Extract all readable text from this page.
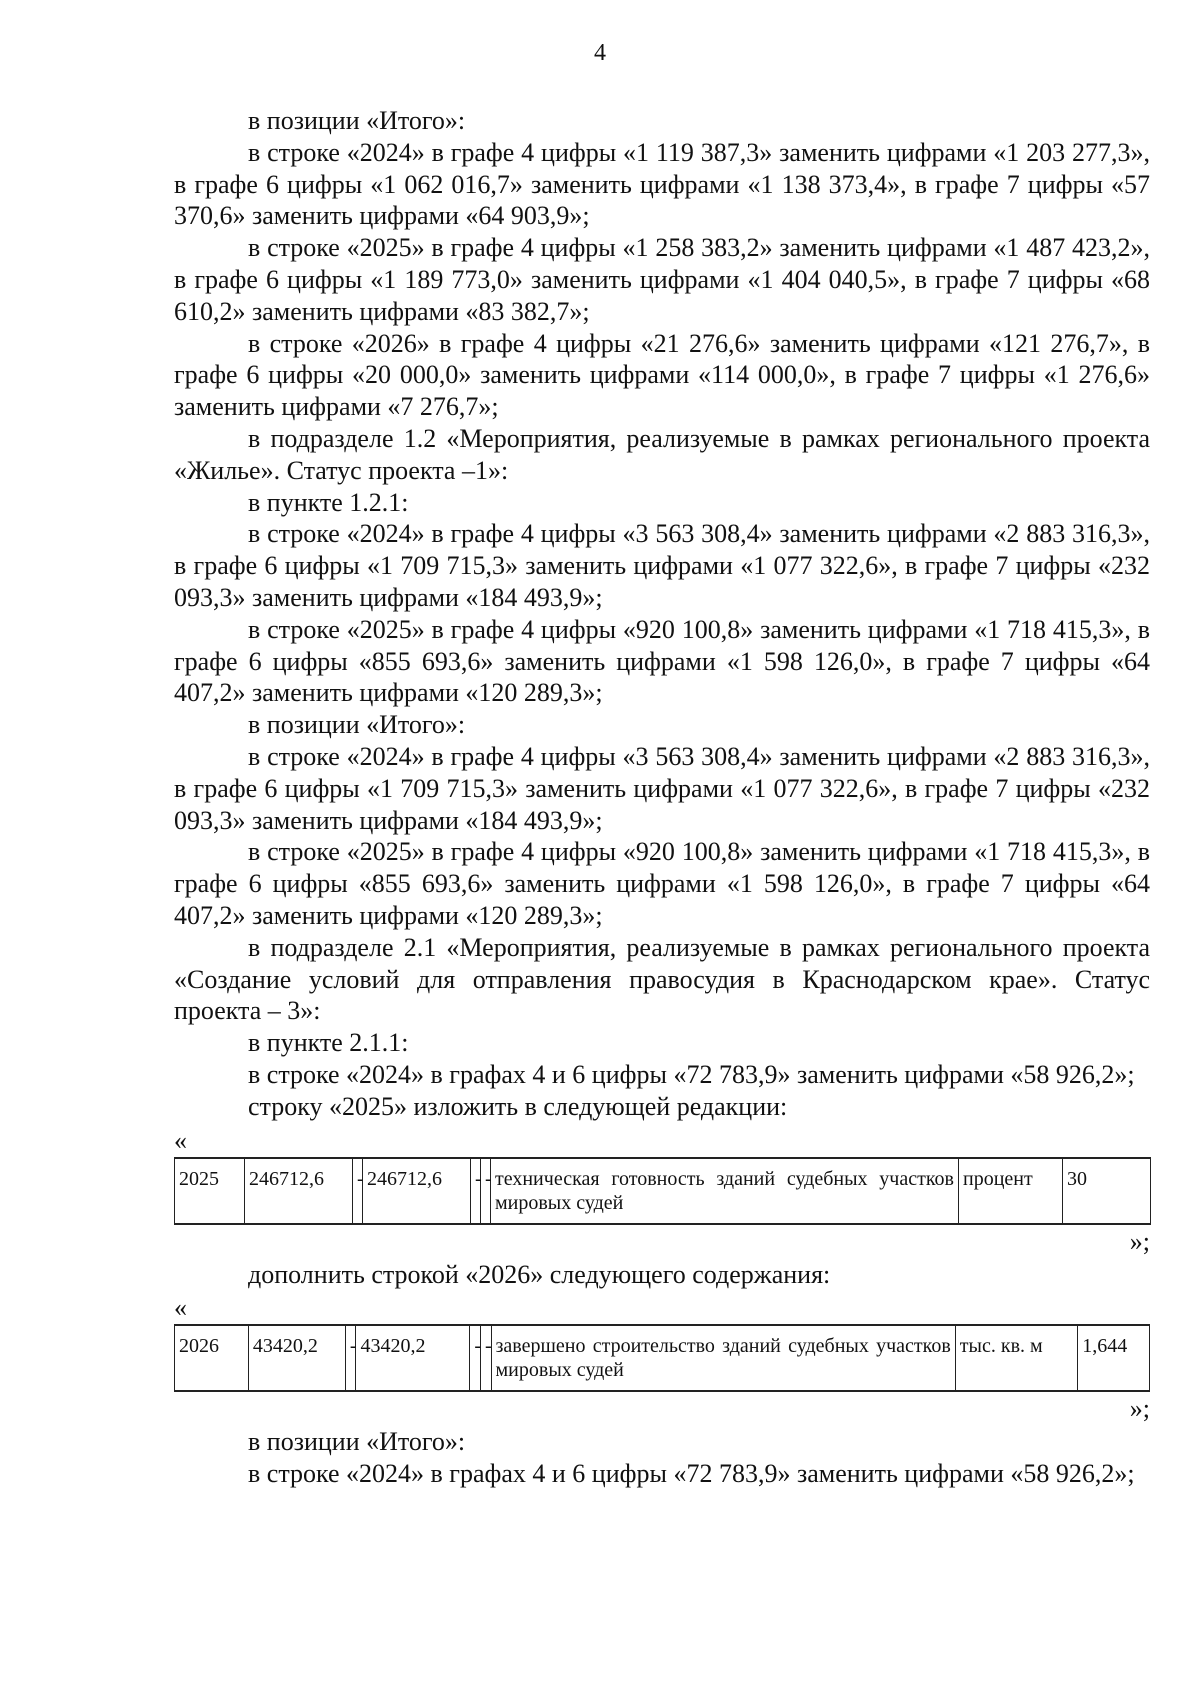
4

в позиции «Итого»:

в строке «2024» в графе 4 цифры «1 119 387,3» заменить цифрами «1 203 277,3», в графе 6 цифры «1 062 016,7» заменить цифрами «1 138 373,4», в графе 7 цифры «57 370,6» заменить цифрами «64 903,9»;

в строке «2025» в графе 4 цифры «1 258 383,2» заменить цифрами «1 487 423,2», в графе 6 цифры «1 189 773,0» заменить цифрами «1 404 040,5», в графе 7 цифры «68 610,2» заменить цифрами «83 382,7»;

в строке «2026» в графе 4 цифры «21 276,6» заменить цифрами «121 276,7», в графе 6 цифры «20 000,0» заменить цифрами «114 000,0», в графе 7 цифры «1 276,6» заменить цифрами «7 276,7»;

в подразделе 1.2 «Мероприятия, реализуемые в рамках регионального проекта «Жилье». Статус проекта –1»:

в пункте 1.2.1:

в строке «2024» в графе 4 цифры «3 563 308,4» заменить цифрами «2 883 316,3», в графе 6 цифры «1 709 715,3» заменить цифрами «1 077 322,6», в графе 7 цифры «232 093,3» заменить цифрами «184 493,9»;

в строке «2025» в графе 4 цифры «920 100,8» заменить цифрами «1 718 415,3», в графе 6 цифры «855 693,6» заменить цифрами «1 598 126,0», в графе 7 цифры «64 407,2» заменить цифрами «120 289,3»;

в позиции «Итого»:

в строке «2024» в графе 4 цифры «3 563 308,4» заменить цифрами «2 883 316,3», в графе 6 цифры «1 709 715,3» заменить цифрами «1 077 322,6», в графе 7 цифры «232 093,3» заменить цифрами «184 493,9»;

в строке «2025» в графе 4 цифры «920 100,8» заменить цифрами «1 718 415,3», в графе 6 цифры «855 693,6» заменить цифрами «1 598 126,0», в графе 7 цифры «64 407,2» заменить цифрами «120 289,3»;

в подразделе 2.1 «Мероприятия, реализуемые в рамках регионального проекта «Создание условий для отправления правосудия в Краснодарском крае». Статус проекта – 3»:

в пункте 2.1.1:

в строке «2024» в графах 4 и 6 цифры «72 783,9» заменить цифрами «58 926,2»;

строку «2025» изложить в следующей редакции:

«

2025	246712,6	-	246712,6	-	-	техническая готовность зданий судебных участков мировых судей	процент	30

»;

дополнить строкой «2026» следующего содержания:

«

2026	43420,2	-	43420,2	-	-	завершено строительство зданий судебных участков мировых судей	тыс. кв. м	1,644

»;

в позиции «Итого»:

в строке «2024» в графах 4 и 6 цифры «72 783,9» заменить цифрами «58 926,2»;
